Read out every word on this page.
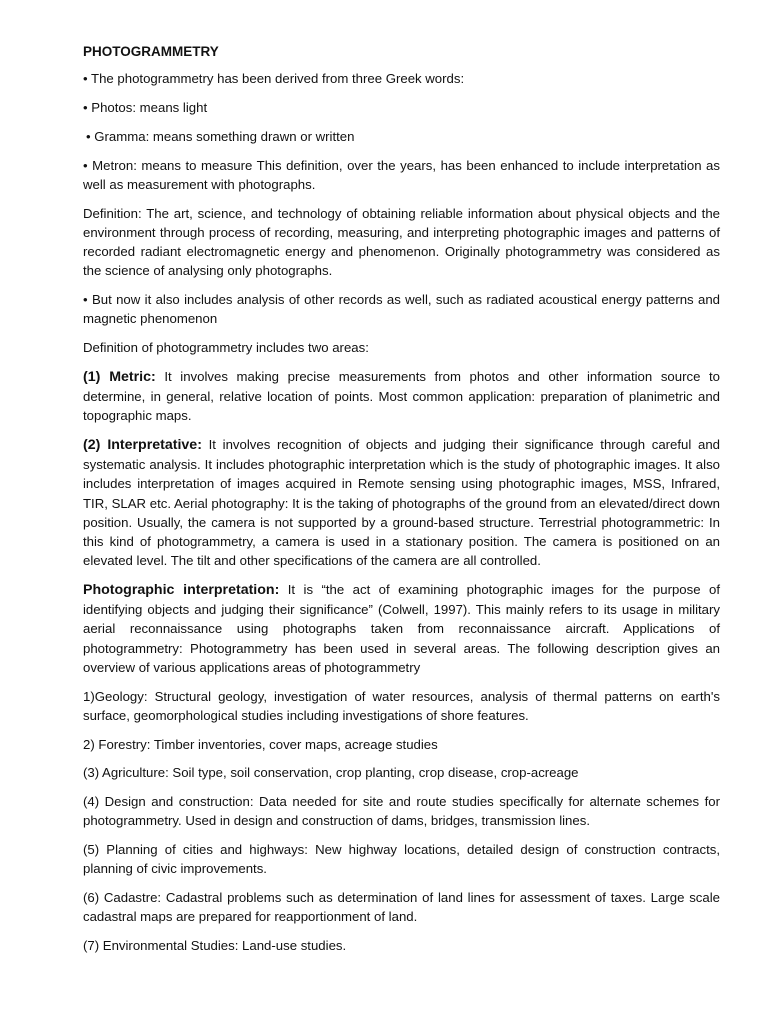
PHOTOGRAMMETRY

• The photogrammetry has been derived from three Greek words:

• Photos: means light

• Gramma: means something drawn or written

• Metron: means to measure This definition, over the years, has been enhanced to include interpretation as well as measurement with photographs.

Definition: The art, science, and technology of obtaining reliable information about physical objects and the environment through process of recording, measuring, and interpreting photographic images and patterns of recorded radiant electromagnetic energy and phenomenon. Originally photogrammetry was considered as the science of analysing only photographs.

• But now it also includes analysis of other records as well, such as radiated acoustical energy patterns and magnetic phenomenon

Definition of photogrammetry includes two areas:

(1) Metric: It involves making precise measurements from photos and other information source to determine, in general, relative location of points. Most common application: preparation of planimetric and topographic maps.

(2) Interpretative: It involves recognition of objects and judging their significance through careful and systematic analysis. It includes photographic interpretation which is the study of photographic images. It also includes interpretation of images acquired in Remote sensing using photographic images, MSS, Infrared, TIR, SLAR etc. Aerial photography: It is the taking of photographs of the ground from an elevated/direct down position. Usually, the camera is not supported by a ground-based structure. Terrestrial photogrammetric: In this kind of photogrammetry, a camera is used in a stationary position. The camera is positioned on an elevated level. The tilt and other specifications of the camera are all controlled.

Photographic interpretation: It is “the act of examining photographic images for the purpose of identifying objects and judging their significance” (Colwell, 1997). This mainly refers to its usage in military aerial reconnaissance using photographs taken from reconnaissance aircraft. Applications of photogrammetry: Photogrammetry has been used in several areas. The following description gives an overview of various applications areas of photogrammetry

1)Geology: Structural geology, investigation of water resources, analysis of thermal patterns on earth's surface, geomorphological studies including investigations of shore features.

2) Forestry: Timber inventories, cover maps, acreage studies

(3) Agriculture: Soil type, soil conservation, crop planting, crop disease, crop-acreage

(4) Design and construction: Data needed for site and route studies specifically for alternate schemes for photogrammetry. Used in design and construction of dams, bridges, transmission lines.

(5) Planning of cities and highways: New highway locations, detailed design of construction contracts, planning of civic improvements.

(6) Cadastre: Cadastral problems such as determination of land lines for assessment of taxes. Large scale cadastral maps are prepared for reapportionment of land.

(7) Environmental Studies: Land-use studies.
